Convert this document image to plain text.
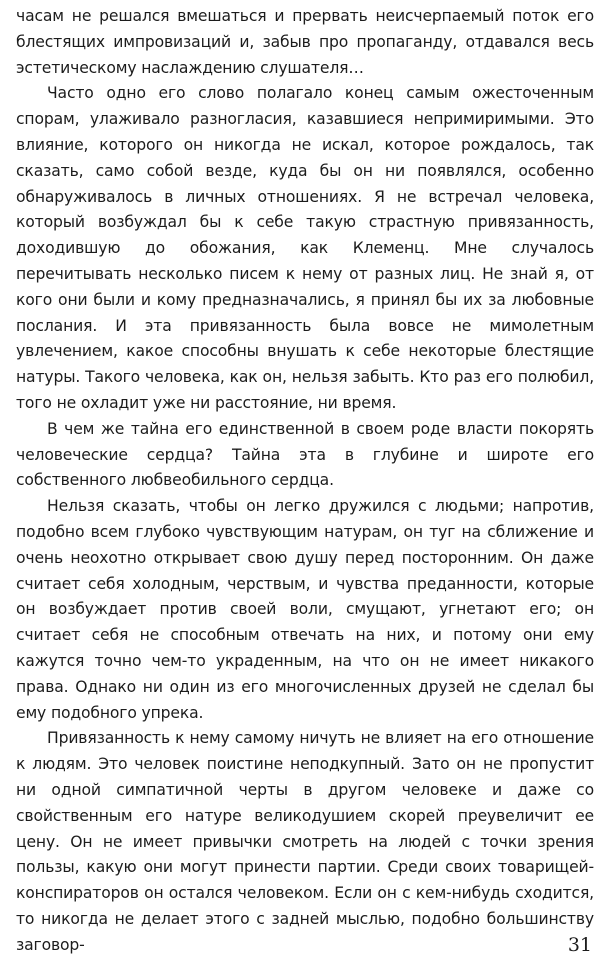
часам не решался вмешаться и прервать неисчерпаемый поток его блестящих импровизаций и, забыв про пропаганду, отдавался весь эстетическому наслаждению слушателя…

Часто одно его слово полагало конец самым ожесточенным спорам, улаживало разногласия, казавшиеся непримиримыми. Это влияние, которого он никогда не искал, которое рождалось, так сказать, само собой везде, куда бы он ни появлялся, особенно обнаруживалось в личных отношениях. Я не встречал человека, который возбуждал бы к себе такую страстную привязанность, доходившую до обожания, как Клеменц. Мне случалось перечитывать несколько писем к нему от разных лиц. Не знай я, от кого они были и кому предназначались, я принял бы их за любовные послания. И эта привязанность была вовсе не мимолетным увлечением, какое способны внушать к себе некоторые блестящие натуры. Такого человека, как он, нельзя забыть. Кто раз его полюбил, того не охладит уже ни расстояние, ни время.

В чем же тайна его единственной в своем роде власти покорять человеческие сердца? Тайна эта в глубине и широте его собственного любвеобильного сердца.

Нельзя сказать, чтобы он легко дружился с людьми; напротив, подобно всем глубоко чувствующим натурам, он туг на сближение и очень неохотно открывает свою душу перед посторонним. Он даже считает себя холодным, черствым, и чувства преданности, которые он возбуждает против своей воли, смущают, угнетают его; он считает себя не способным отвечать на них, и потому они ему кажутся точно чем-то украденным, на что он не имеет никакого права. Однако ни один из его многочисленных друзей не сделал бы ему подобного упрека.

Привязанность к нему самому ничуть не влияет на его отношение к людям. Это человек поистине неподкупный. Зато он не пропустит ни одной симпатичной черты в другом человеке и даже со свойственным его натуре великодушием скорей преувеличит ее цену. Он не имеет привычки смотреть на людей с точки зрения пользы, какую они могут принести партии. Среди своих товарищей-конспираторов он остался человеком. Если он с кем-нибудь сходится, то никогда не делает этого с задней мыслью, подобно большинству заговор-	31
